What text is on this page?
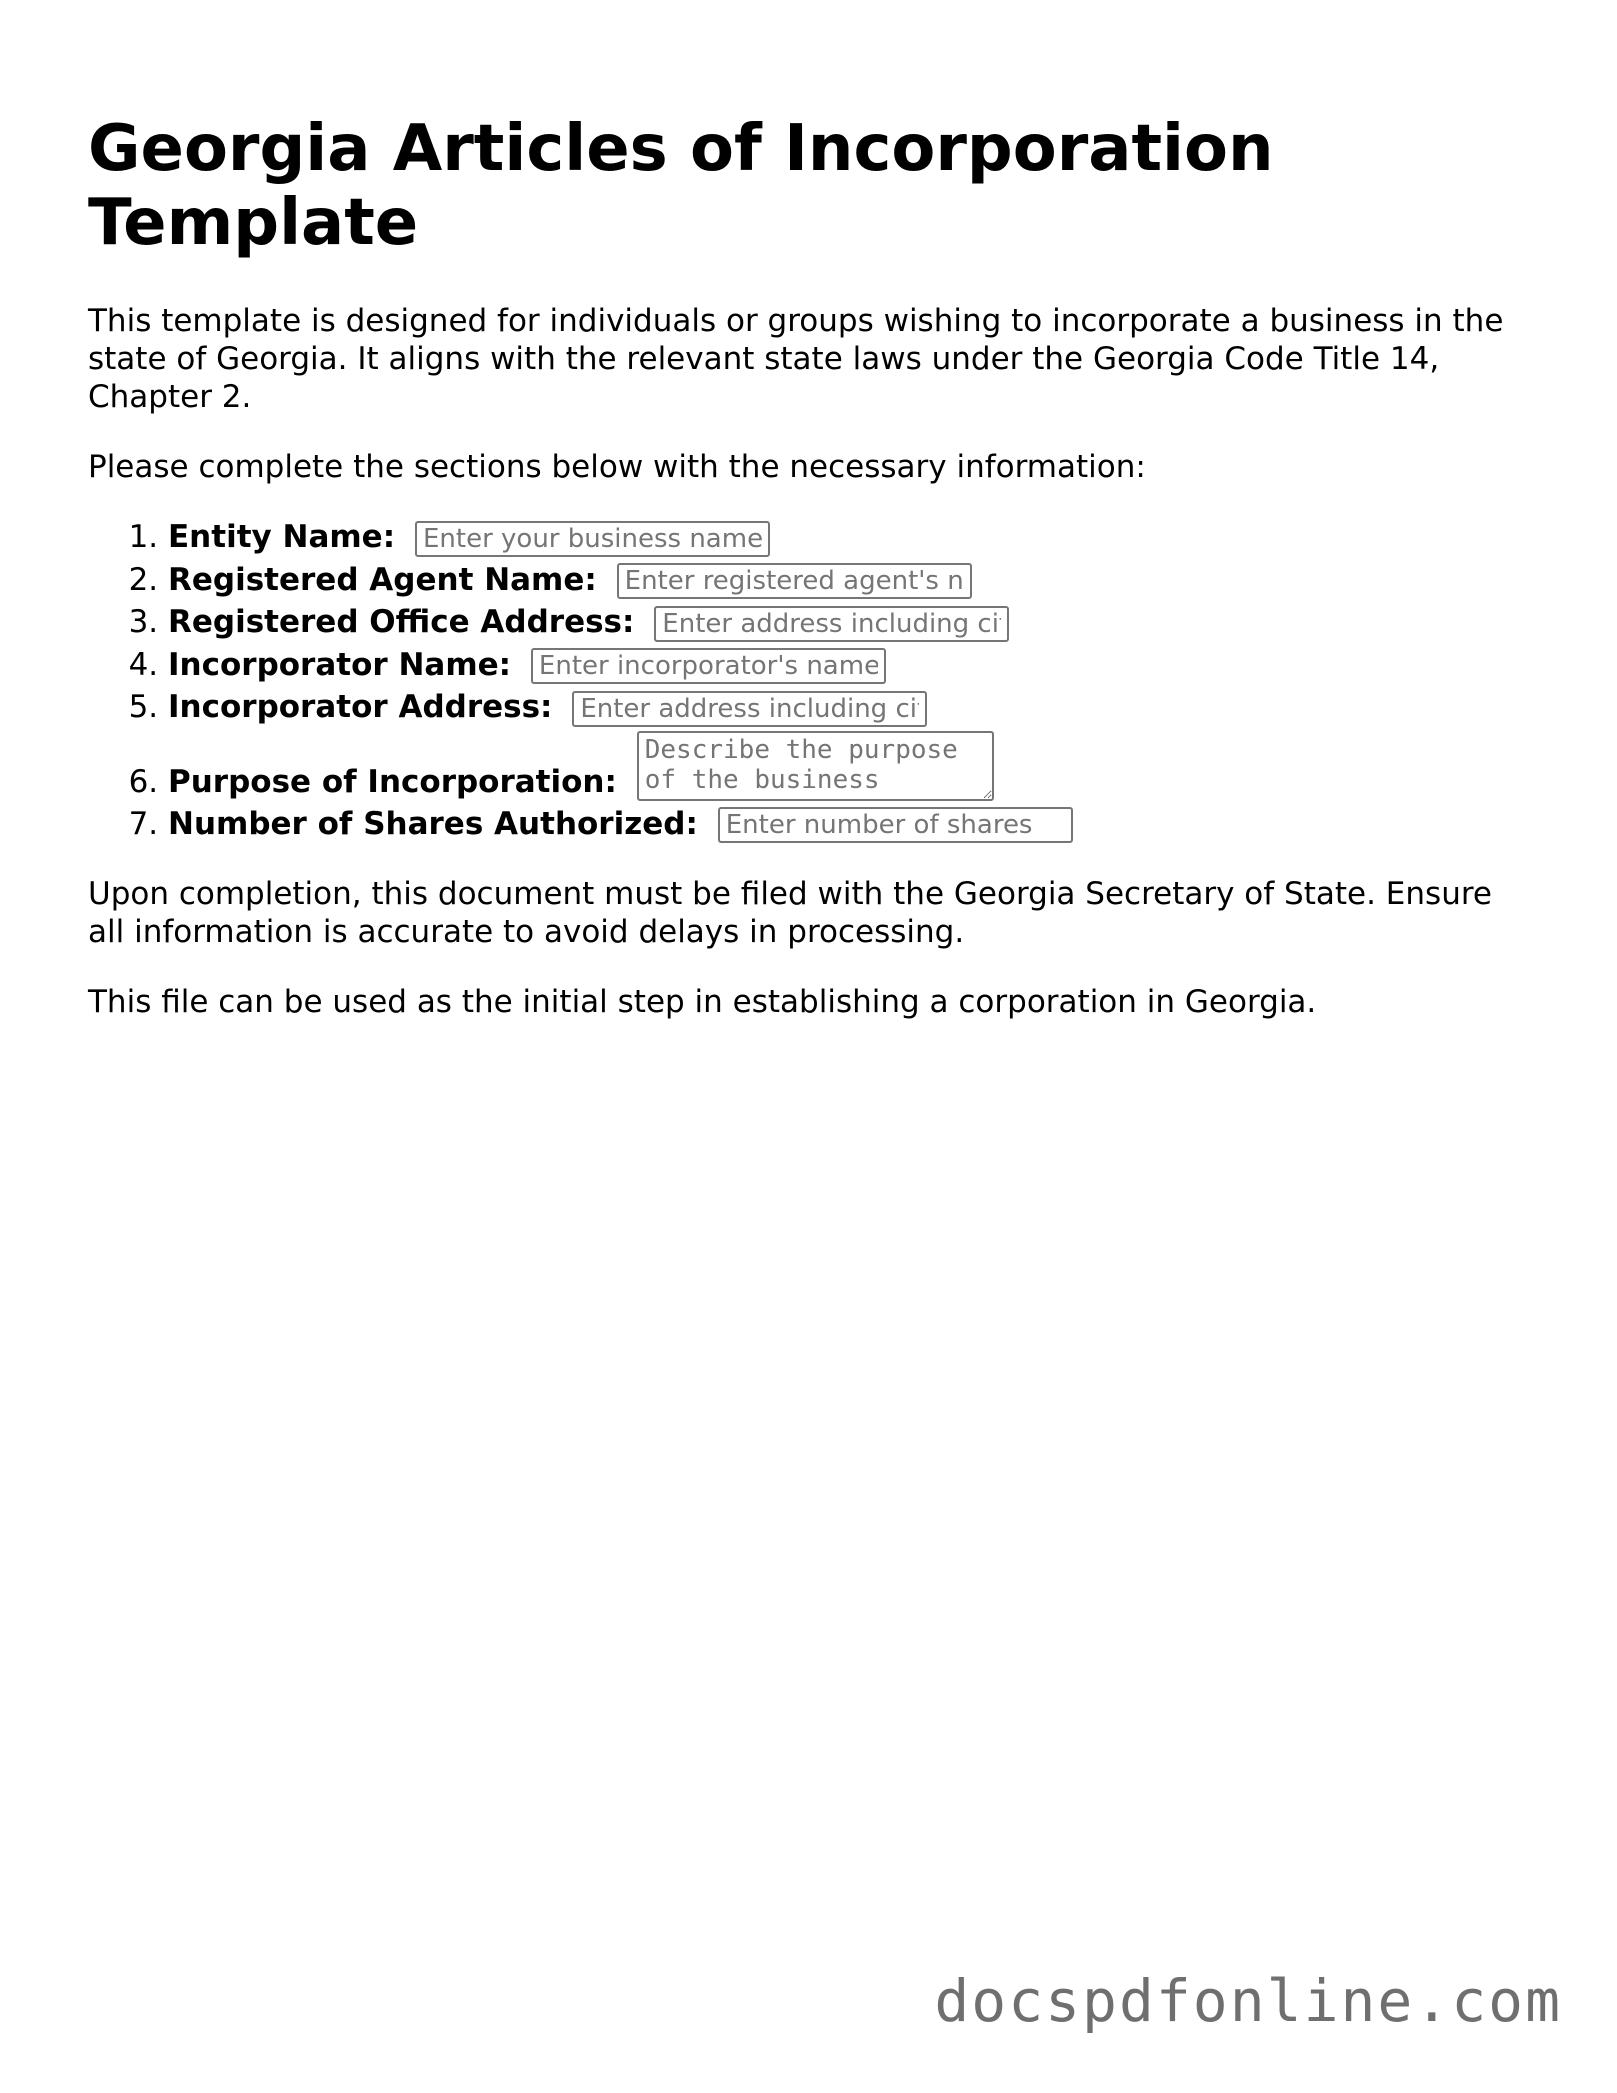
Georgia Articles of Incorporation Template

This template is designed for individuals or groups wishing to incorporate a business in the state of Georgia. It aligns with the relevant state laws under the Georgia Code Title 14, Chapter 2.

Please complete the sections below with the necessary information:

1. Entity Name: Enter your business name
2. Registered Agent Name: Enter registered agent's name
3. Registered Office Address: Enter address including city
4. Incorporator Name: Enter incorporator's name
5. Incorporator Address: Enter address including city
6. Purpose of Incorporation: Describe the purpose of the business
7. Number of Shares Authorized: Enter number of shares

Upon completion, this document must be filed with the Georgia Secretary of State. Ensure all information is accurate to avoid delays in processing.

This file can be used as the initial step in establishing a corporation in Georgia.

docspdfonline.com
